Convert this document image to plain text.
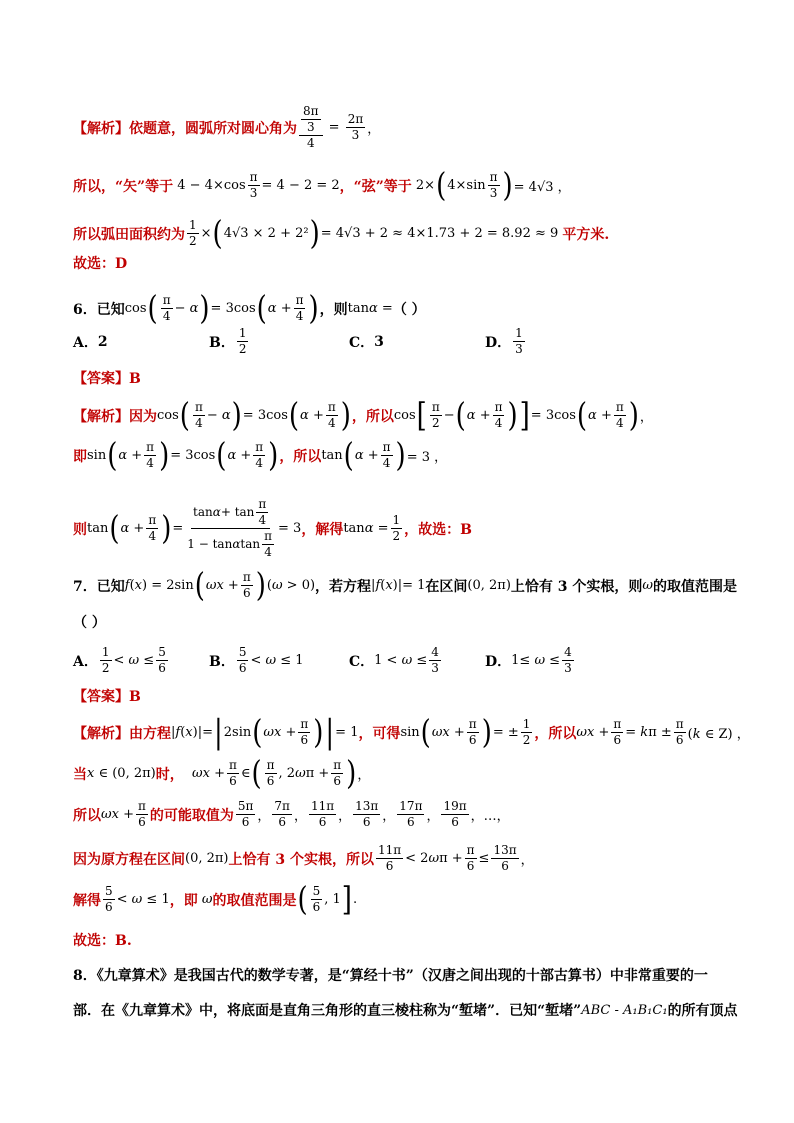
【解析】依题意，圆弧所对圆心角为 $\frac{\frac{8\pi}{3}}{4} = \frac{2\pi}{3}$ ，
所以，“矢”等于 $4 - 4\times\cos \frac{\pi}{3} = 4 - 2 = 2$ ，“弦”等于 2× ( $4\times\sin \frac{\pi}{3}$ ) = 4√3 ，
所以弧田面积约为 $\frac{1}{2}$ × ( 4√3 × 2 + 2² ) = 4√3 + 2 ≈ 4×1.73 + 2 = 8.92 ≈ 9 平方米.
故选：D
6．已知 cos ( $\frac{\pi}{4} - \alpha$ ) = 3cos ( $\alpha + \frac{\pi}{4}$ ) ，则 tanα = （ ）
A． 2	B． $\frac{1}{2}$	C． 3	D． $\frac{1}{3}$
【答案】B
【解析】因为 cos ( $\frac{\pi}{4} - \alpha$ ) = 3cos ( $\alpha + \frac{\pi}{4}$ ) ，所以 cos [ $\frac{\pi}{2}$ − ( $\alpha + \frac{\pi}{4}$ ) ] = 3cos ( $\alpha + \frac{\pi}{4}$ ) ，
即 sin ( $\alpha + \frac{\pi}{4}$ ) = 3cos ( $\alpha + \frac{\pi}{4}$ ) ，所以 tan ( $\alpha + \frac{\pi}{4}$ ) = 3 ，
则 tan ( $\alpha + \frac{\pi}{4}$ ) = $\frac{\tan \alpha + \tan \frac{\pi}{4}}{1 - \tan \alpha \tan \frac{\pi}{4}} = 3$ ，解得 $\tan\alpha = \frac{1}{2}$ ，故选：B
7．已知 f(x) = 2sin ( $\omega x + \frac{\pi}{6}$ ) (ω > 0) ，若方程 |f(x)|= 1 在区间 (0, 2π) 上恰有 3 个实根，则 ω 的取值范围是
（ ）
A． $\frac{1}{2} < \omega \le \frac{5}{6}$	B． $\frac{5}{6} < \omega \le 1$	C． $1 < \omega \le \frac{4}{3}$	D． $1\le \omega \le \frac{4}{3}$
【答案】B
【解析】由方程 |f(x)|= | 2sin ( $\omega x + \frac{\pi}{6}$ ) | = 1 ，可得 sin ( $\omega x + \frac{\pi}{6}$ ) = ± $\frac{1}{2}$ ，所以 $\omega x + \frac{\pi}{6} = k\pi \pm \frac{\pi}{6} (k$ ∈ Z) ，
当 x ∈ (0, 2π) 时， $\omega x + \frac{\pi}{6}$ ∈ ( $\frac{\pi}{6}$ , $2\omega\pi + \frac{\pi}{6}$ ) ，
所以 $\omega x + \frac{\pi}{6}$ 的可能取值为 $\frac{5\pi}{6}$ ， $\frac{7\pi}{6}$ ， $\frac{11\pi}{6}$ ， $\frac{13\pi}{6}$ ， $\frac{17\pi}{6}$ ， $\frac{19\pi}{6}$ ，…，
因为原方程在区间 (0, 2π) 上恰有 3 个实根，所以 $\frac{11\pi}{6} < 2\omega\pi + \frac{\pi}{6} \le \frac{13\pi}{6}$ ，
解得 $\frac{5}{6} < \omega \le 1$ ，即 ω 的取值范围是 ( $\frac{5}{6}$ , 1 ] .
故选：B.
8．《九章算术》是我国古代的数学专著，是“算经十书”（汉唐之间出现的十部古算书）中非常重要的一
部．在《九章算术》中，将底面是直角三角形的直三棱柱称为“堑堵”．已知“堑堵” ABC - A₁B₁C₁ 的所有顶点
